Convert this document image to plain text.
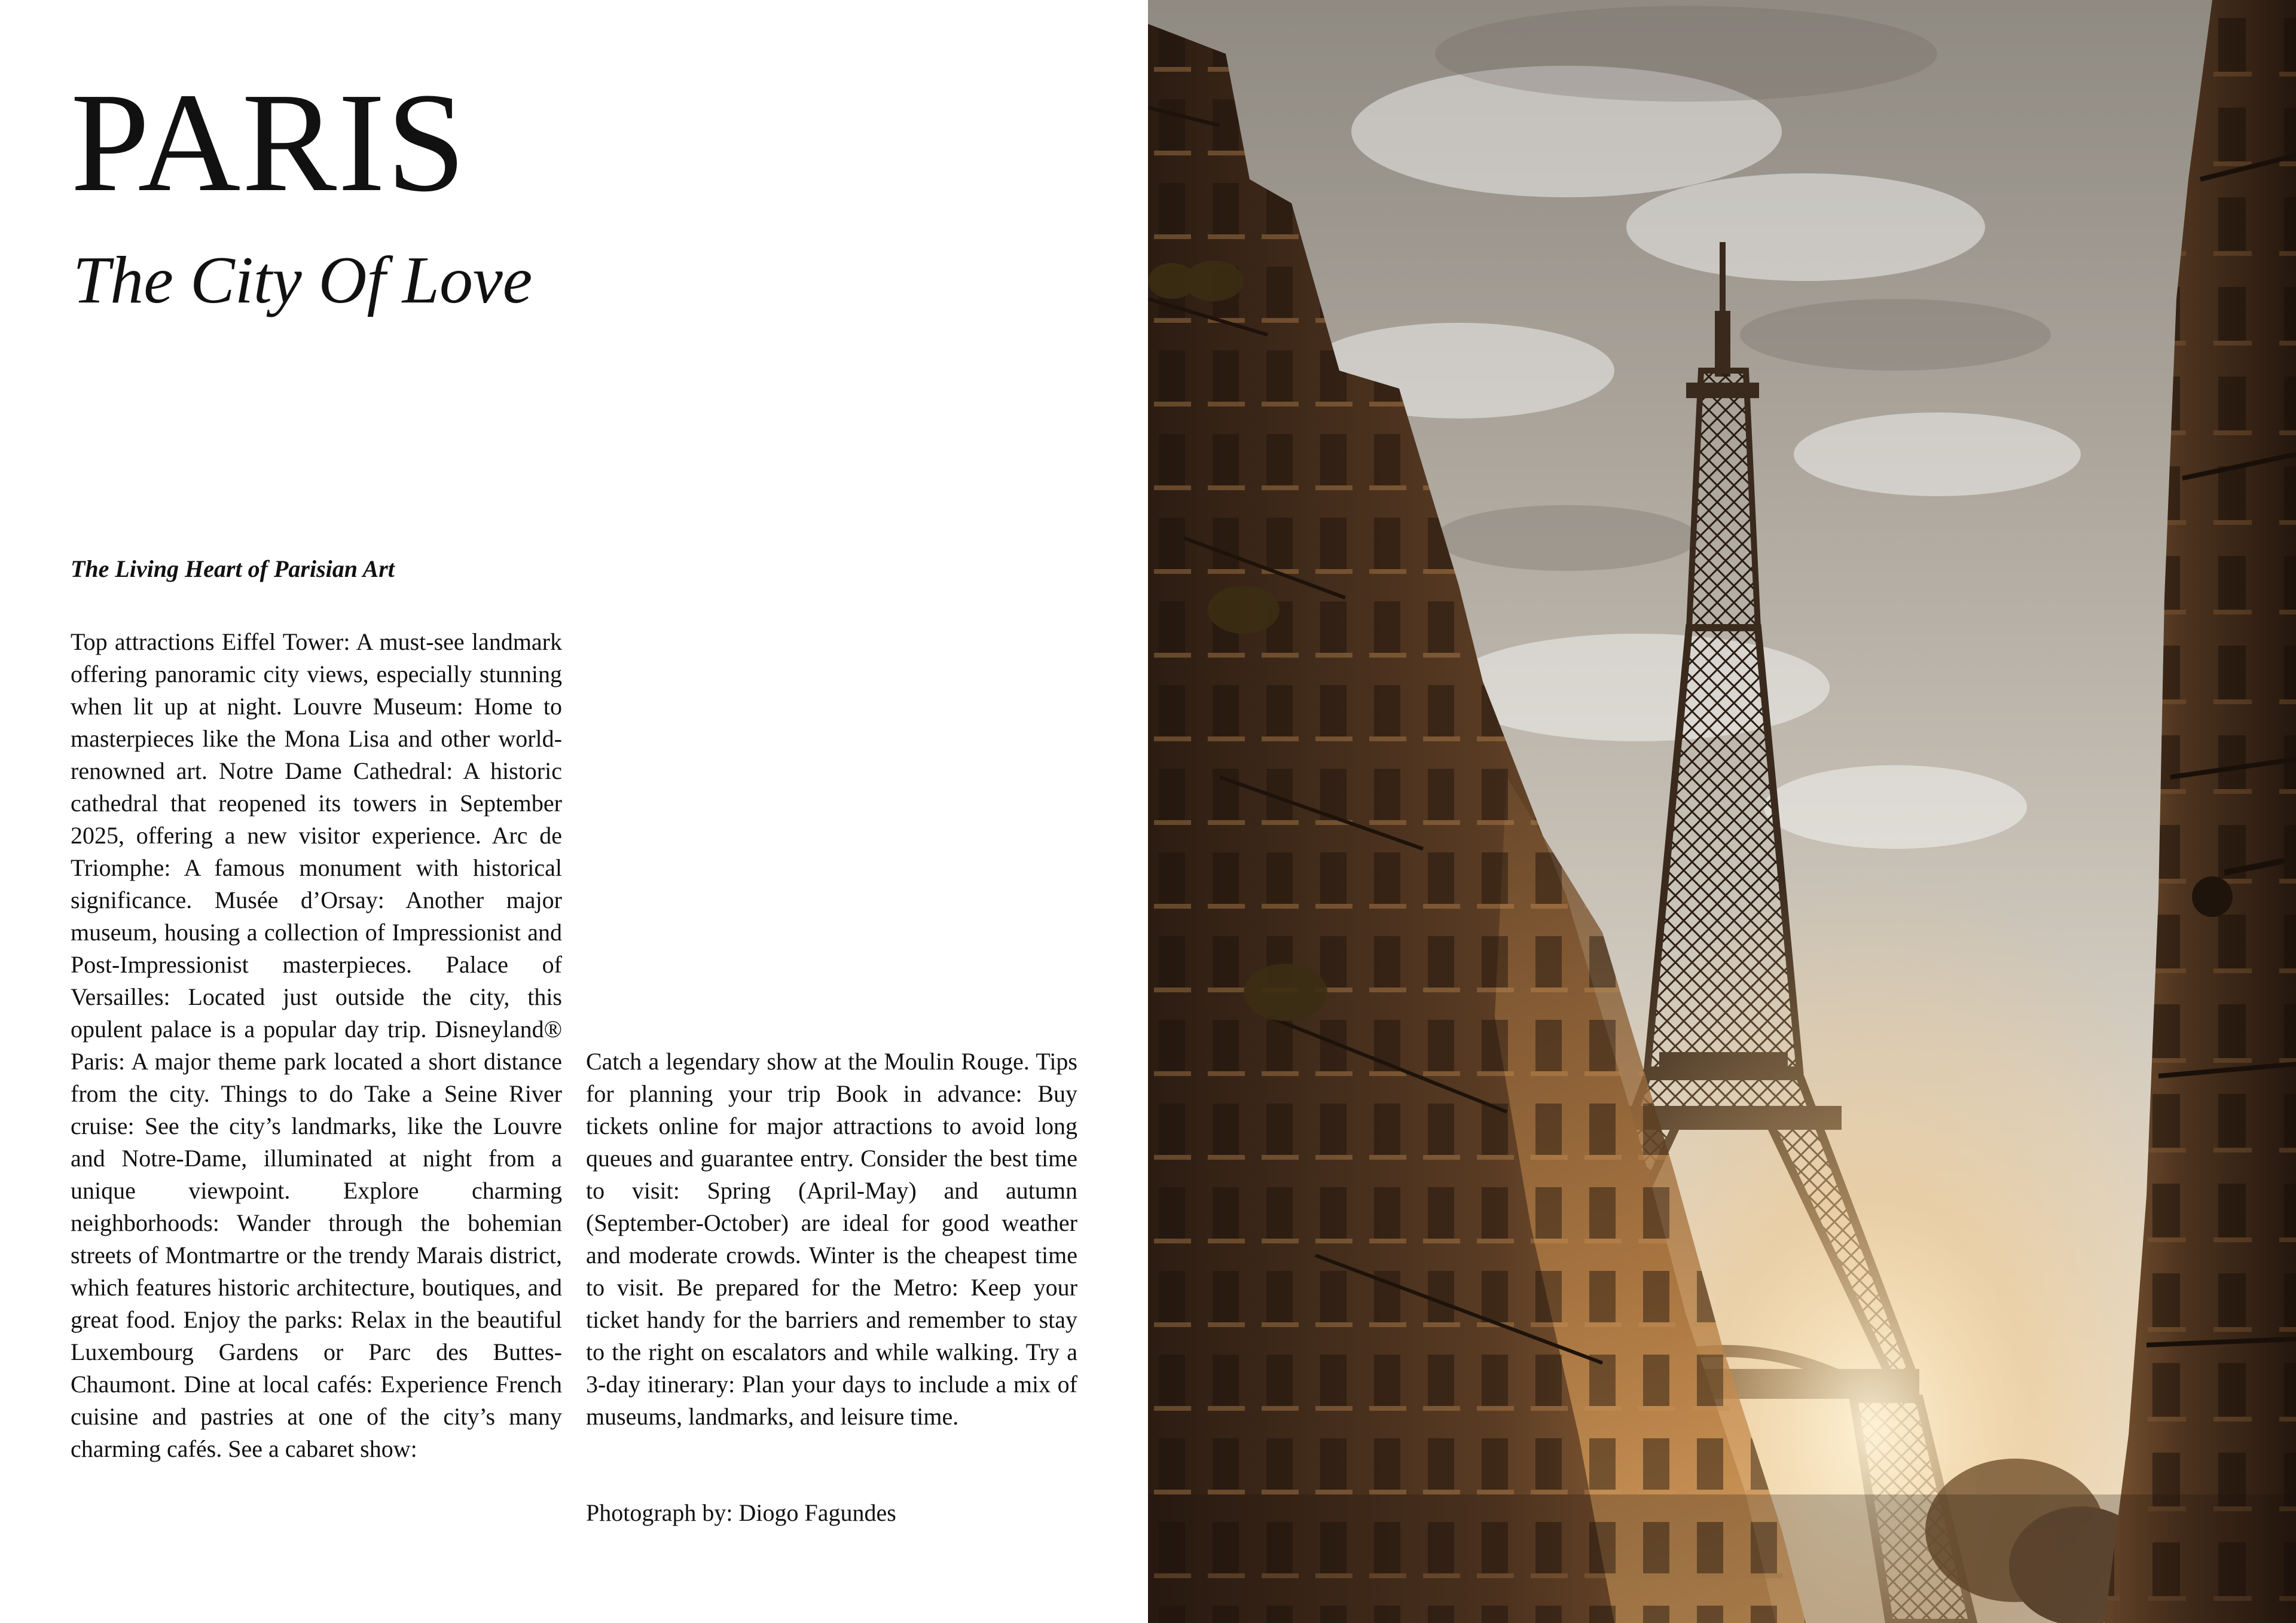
PARIS
The City Of Love
The Living Heart of Parisian Art

Top attractions Eiffel Tower: A must-see landmark offering panoramic city views, especially stunning when lit up at night. Louvre Museum: Home to masterpieces like the Mona Lisa and other world-renowned art. Notre Dame Cathedral: A historic cathedral that reopened its towers in September 2025, offering a new visitor experience. Arc de Triomphe: A famous monument with historical significance. Musée d’Orsay: Another major museum, housing a collection of Impressionist and Post-Impressionist masterpieces. Palace of Versailles: Located just outside the city, this opulent palace is a popular day trip. Disneyland® Paris: A major theme park located a short distance from the city. Things to do Take a Seine River cruise: See the city’s landmarks, like the Louvre and Notre-Dame, illuminated at night from a unique viewpoint. Explore charming neighborhoods: Wander through the bohemian streets of Montmartre or the trendy Marais district, which features historic architecture, boutiques, and great food. Enjoy the parks: Relax in the beautiful Luxembourg Gardens or Parc des Buttes-Chaumont. Dine at local cafés: Experience French cuisine and pastries at one of the city’s many charming cafés. See a cabaret show:

Catch a legendary show at the Moulin Rouge. Tips for planning your trip Book in advance: Buy tickets online for major attractions to avoid long queues and guarantee entry. Consider the best time to visit: Spring (April-May) and autumn (September-October) are ideal for good weather and moderate crowds. Winter is the cheapest time to visit. Be prepared for the Metro: Keep your ticket handy for the barriers and remember to stay to the right on escalators and while walking. Try a 3-day itinerary: Plan your days to include a mix of museums, landmarks, and leisure time.

Photograph by: Diogo Fagundes
